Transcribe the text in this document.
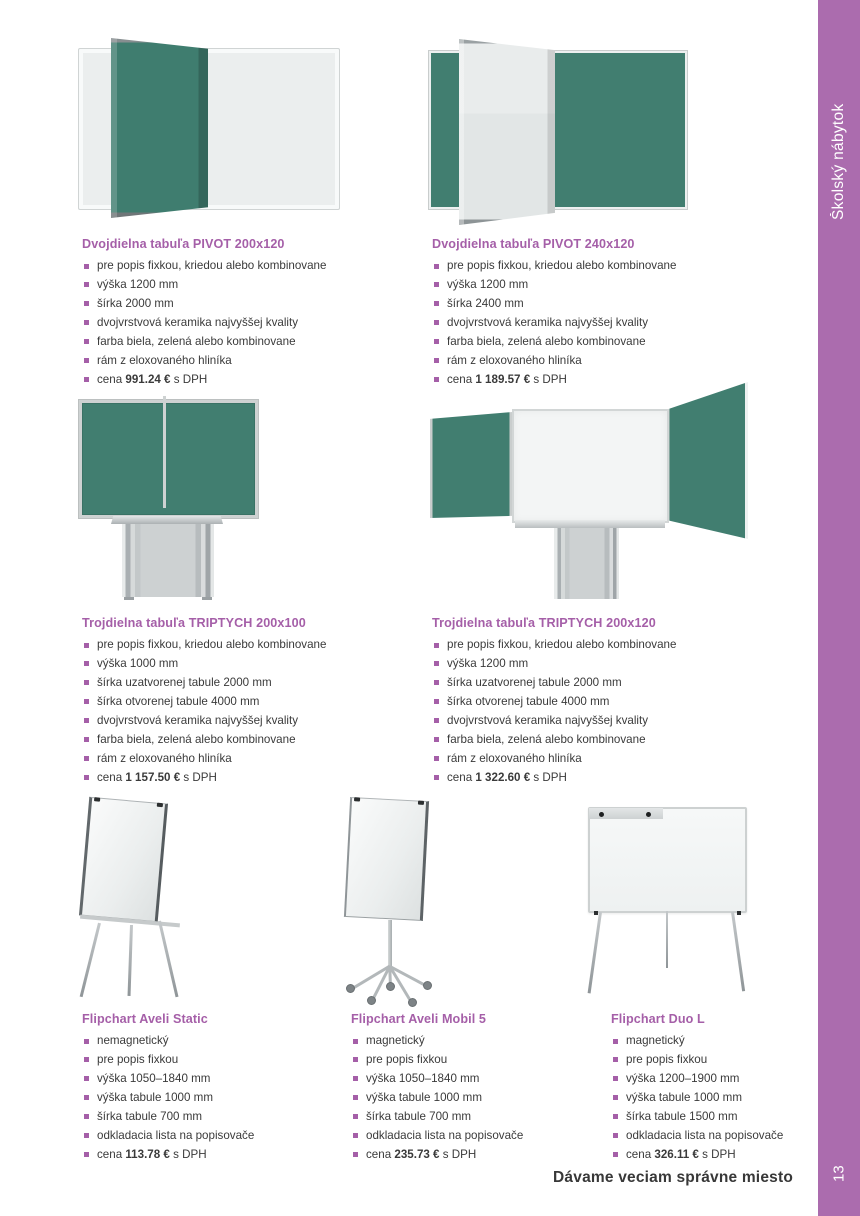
Dvojdielna tabuľa PIVOT 200x120
pre popis fixkou, kriedou alebo kombinovane
výška 1200 mm
šírka 2000 mm
dvojvrstvová keramika najvyššej kvality
farba biela, zelená alebo kombinovane
rám z eloxovaného hliníka
cena 991.24 € s DPH
Dvojdielna tabuľa PIVOT 240x120
pre popis fixkou, kriedou alebo kombinovane
výška 1200 mm
šírka 2400 mm
dvojvrstvová keramika najvyššej kvality
farba biela, zelená alebo kombinovane
rám z eloxovaného hliníka
cena 1 189.57 € s DPH
Trojdielna tabuľa TRIPTYCH 200x100
pre popis fixkou, kriedou alebo kombinovane
výška 1000 mm
šírka uzatvorenej tabule 2000 mm
šírka otvorenej tabule 4000 mm
dvojvrstvová keramika najvyššej kvality
farba biela, zelená alebo kombinovane
rám z eloxovaného hliníka
cena 1 157.50 € s DPH
Trojdielna tabuľa TRIPTYCH 200x120
pre popis fixkou, kriedou alebo kombinovane
výška 1200 mm
šírka uzatvorenej tabule 2000 mm
šírka otvorenej tabule 4000 mm
dvojvrstvová keramika najvyššej kvality
farba biela, zelená alebo kombinovane
rám z eloxovaného hliníka
cena 1 322.60 € s DPH
Flipchart Aveli Static
nemagnetický
pre popis fixkou
výška 1050–1840 mm
výška tabule 1000 mm
šírka tabule 700 mm
odkladacia lista na popisovače
cena 113.78 € s DPH
Flipchart Aveli Mobil 5
magnetický
pre popis fixkou
výška 1050–1840 mm
výška tabule 1000 mm
šírka tabule 700 mm
odkladacia lista na popisovače
cena 235.73 € s DPH
Flipchart Duo L
magnetický
pre popis fixkou
výška 1200–1900 mm
výška tabule 1000 mm
šírka tabule 1500 mm
odkladacia lista na popisovače
cena 326.11 € s DPH
Dávame veciam správne miesto
Školský nábytok
13
